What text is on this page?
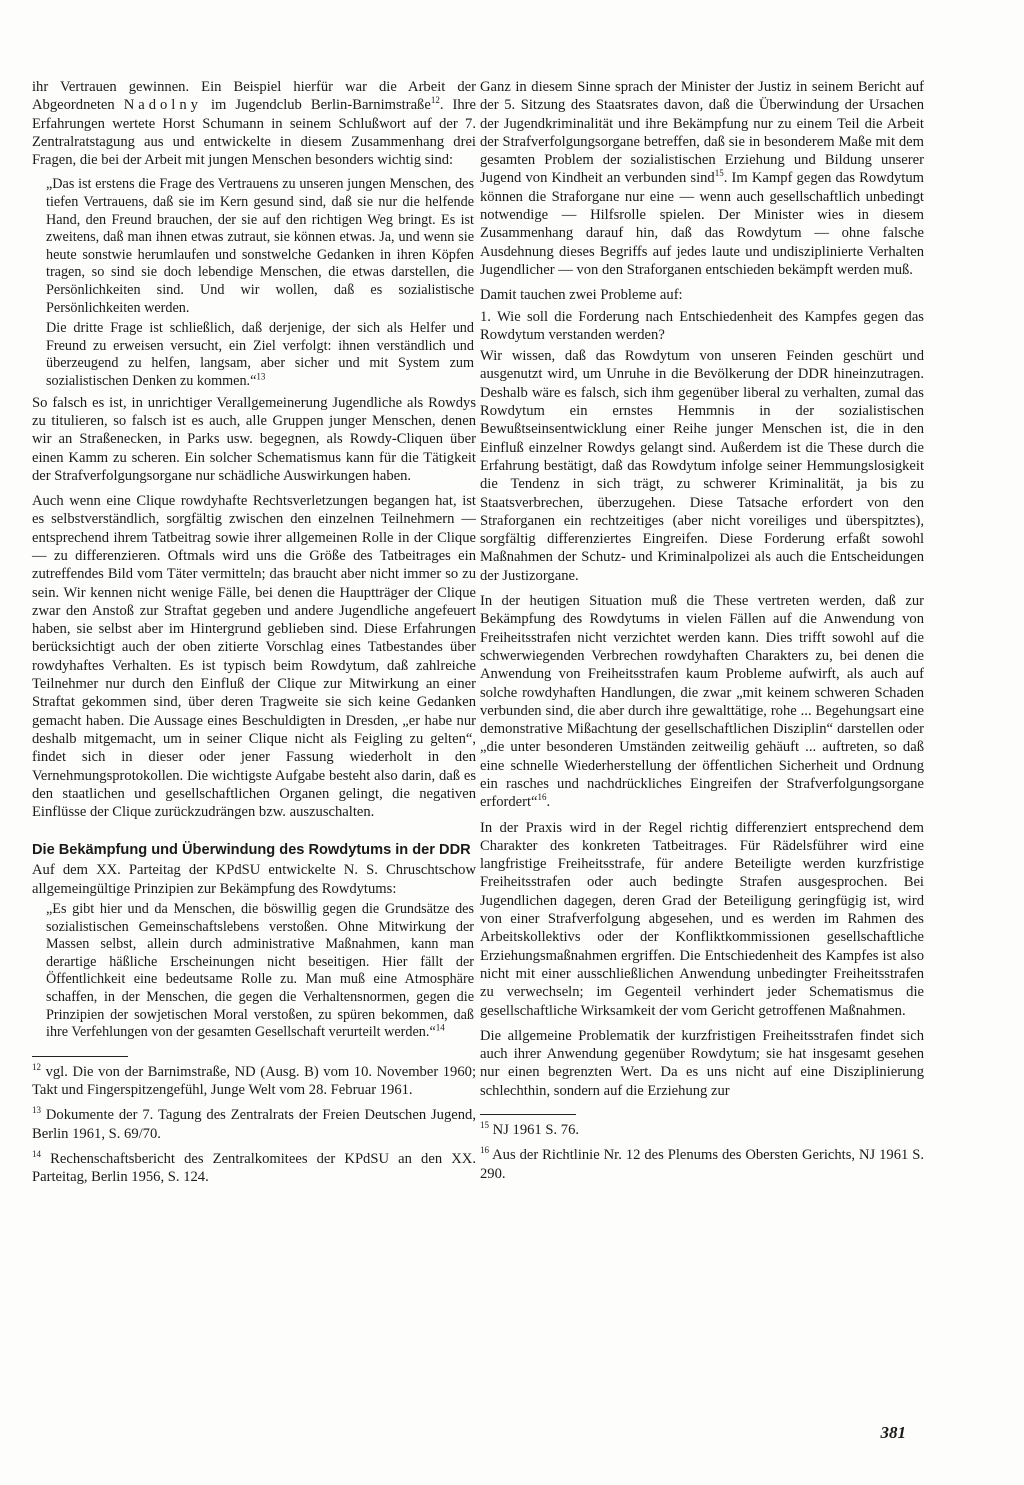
ihr Vertrauen gewinnen. Ein Beispiel hierfür war die Arbeit der Abgeordneten Nadolny im Jugendclub Berlin-Barnimstraße$^{12}$. Ihre Erfahrungen wertete Horst Schumann in seinem Schlußwort auf der 7. Zentralratstagung aus und entwickelte in diesem Zusammenhang drei Fragen, die bei der Arbeit mit jungen Menschen besonders wichtig sind:

„Das ist erstens die Frage des Vertrauens zu unseren jungen Menschen, des tiefen Vertrauens, daß sie im Kern gesund sind, daß sie nur die helfende Hand, den Freund brauchen, der sie auf den richtigen Weg bringt. Es ist zweitens, daß man ihnen etwas zutraut, sie können etwas. Ja, und wenn sie heute sonstwie herumlaufen und sonstwelche Gedanken in ihren Köpfen tragen, so sind sie doch lebendige Menschen, die etwas darstellen, die Persönlichkeiten sind. Und wir wollen, daß es sozialistische Persönlichkeiten werden.

Die dritte Frage ist schließlich, daß derjenige, der sich als Helfer und Freund zu erweisen versucht, ein Ziel verfolgt: ihnen verständlich und überzeugend zu helfen, langsam, aber sicher und mit System zum sozialistischen Denken zu kommen.“$^{13}$

So falsch es ist, in unrichtiger Verallgemeinerung Jugendliche als Rowdys zu titulieren, so falsch ist es auch, alle Gruppen junger Menschen, denen wir an Straßenecken, in Parks usw. begegnen, als Rowdy-Cliquen über einen Kamm zu scheren. Ein solcher Schematismus kann für die Tätigkeit der Strafverfolgungsorgane nur schädliche Auswirkungen haben.

Auch wenn eine Clique rowdyhafte Rechtsverletzungen begangen hat, ist es selbstverständlich, sorgfältig zwischen den einzelnen Teilnehmern — entsprechend ihrem Tatbeitrag sowie ihrer allgemeinen Rolle in der Clique — zu differenzieren. Oftmals wird uns die Größe des Tatbeitrages ein zutreffendes Bild vom Täter vermitteln; das braucht aber nicht immer so zu sein. Wir kennen nicht wenige Fälle, bei denen die Hauptträger der Clique zwar den Anstoß zur Straftat gegeben und andere Jugendliche angefeuert haben, sie selbst aber im Hintergrund geblieben sind. Diese Erfahrungen berücksichtigt auch der oben zitierte Vorschlag eines Tatbestandes über rowdyhaftes Verhalten. Es ist typisch beim Rowdytum, daß zahlreiche Teilnehmer nur durch den Einfluß der Clique zur Mitwirkung an einer Straftat gekommen sind, über deren Tragweite sie sich keine Gedanken gemacht haben. Die Aussage eines Beschuldigten in Dresden, „er habe nur deshalb mitgemacht, um in seiner Clique nicht als Feigling zu gelten“, findet sich in dieser oder jener Fassung wiederholt in den Vernehmungsprotokollen. Die wichtigste Aufgabe besteht also darin, daß es den staatlichen und gesellschaftlichen Organen gelingt, die negativen Einflüsse der Clique zurückzudrängen bzw. auszuschalten.

Die Bekämpfung und Überwindung des Rowdytums in der DDR

Auf dem XX. Parteitag der KPdSU entwickelte N. S. Chruschtschow allgemeingültige Prinzipien zur Bekämpfung des Rowdytums:

„Es gibt hier und da Menschen, die böswillig gegen die Grundsätze des sozialistischen Gemeinschaftslebens verstoßen. Ohne Mitwirkung der Massen selbst, allein durch administrative Maßnahmen, kann man derartige häßliche Erscheinungen nicht beseitigen. Hier fällt der Öffentlichkeit eine bedeutsame Rolle zu. Man muß eine Atmosphäre schaffen, in der Menschen, die gegen die Verhaltensnormen, gegen die Prinzipien der sowjetischen Moral verstoßen, zu spüren bekommen, daß ihre Verfehlungen von der gesamten Gesellschaft verurteilt werden.“$^{14}$

$^{12}$ vgl. Die von der Barnimstraße, ND (Ausg. B) vom 10. November 1960; Takt und Fingerspitzengefühl, Junge Welt vom 28. Februar 1961.

$^{13}$ Dokumente der 7. Tagung des Zentralrats der Freien Deutschen Jugend, Berlin 1961, S. 69/70.

$^{14}$ Rechenschaftsbericht des Zentralkomitees der KPdSU an den XX. Parteitag, Berlin 1956, S. 124.

Ganz in diesem Sinne sprach der Minister der Justiz in seinem Bericht auf der 5. Sitzung des Staatsrates davon, daß die Überwindung der Ursachen der Jugendkriminalität und ihre Bekämpfung nur zu einem Teil die Arbeit der Strafverfolgungsorgane betreffen, daß sie in besonderem Maße mit dem gesamten Problem der sozialistischen Erziehung und Bildung unserer Jugend von Kindheit an verbunden sind$^{15}$. Im Kampf gegen das Rowdytum können die Straforgane nur eine — wenn auch gesellschaftlich unbedingt notwendige — Hilfsrolle spielen. Der Minister wies in diesem Zusammenhang darauf hin, daß das Rowdytum — ohne falsche Ausdehnung dieses Begriffs auf jedes laute und undisziplinierte Verhalten Jugendlicher — von den Straforganen entschieden bekämpft werden muß.

Damit tauchen zwei Probleme auf:

1. Wie soll die Forderung nach Entschiedenheit des Kampfes gegen das Rowdytum verstanden werden?

Wir wissen, daß das Rowdytum von unseren Feinden geschürt und ausgenutzt wird, um Unruhe in die Bevölkerung der DDR hineinzutragen. Deshalb wäre es falsch, sich ihm gegenüber liberal zu verhalten, zumal das Rowdytum ein ernstes Hemmnis in der sozialistischen Bewußtseinsentwicklung einer Reihe junger Menschen ist, die in den Einfluß einzelner Rowdys gelangt sind. Außerdem ist die These durch die Erfahrung bestätigt, daß das Rowdytum infolge seiner Hemmungslosigkeit die Tendenz in sich trägt, zu schwerer Kriminalität, ja bis zu Staatsverbrechen, überzugehen. Diese Tatsache erfordert von den Straforganen ein rechtzeitiges (aber nicht voreiliges und überspitztes), sorgfältig differenziertes Eingreifen. Diese Forderung erfaßt sowohl Maßnahmen der Schutz- und Kriminalpolizei als auch die Entscheidungen der Justizorgane.

In der heutigen Situation muß die These vertreten werden, daß zur Bekämpfung des Rowdytums in vielen Fällen auf die Anwendung von Freiheitsstrafen nicht verzichtet werden kann. Dies trifft sowohl auf die schwerwiegenden Verbrechen rowdyhaften Charakters zu, bei denen die Anwendung von Freiheitsstrafen kaum Probleme aufwirft, als auch auf solche rowdyhaften Handlungen, die zwar „mit keinem schweren Schaden verbunden sind, die aber durch ihre gewalttätige, rohe ... Begehungsart eine demonstrative Mißachtung der gesellschaftlichen Disziplin“ darstellen oder „die unter besonderen Umständen zeitweilig gehäuft ... auftreten, so daß eine schnelle Wiederherstellung der öffentlichen Sicherheit und Ordnung ein rasches und nachdrückliches Eingreifen der Strafverfolgungsorgane erfordert“$^{16}$.

In der Praxis wird in der Regel richtig differenziert entsprechend dem Charakter des konkreten Tatbeitrages. Für Rädelsführer wird eine langfristige Freiheitsstrafe, für andere Beteiligte werden kurzfristige Freiheitsstrafen oder auch bedingte Strafen ausgesprochen. Bei Jugendlichen dagegen, deren Grad der Beteiligung geringfügig ist, wird von einer Strafverfolgung abgesehen, und es werden im Rahmen des Arbeitskollektivs oder der Konfliktkommissionen gesellschaftliche Erziehungsmaßnahmen ergriffen. Die Entschiedenheit des Kampfes ist also nicht mit einer ausschließlichen Anwendung unbedingter Freiheitsstrafen zu verwechseln; im Gegenteil verhindert jeder Schematismus die gesellschaftliche Wirksamkeit der vom Gericht getroffenen Maßnahmen.

Die allgemeine Problematik der kurzfristigen Freiheitsstrafen findet sich auch ihrer Anwendung gegenüber Rowdytum; sie hat insgesamt gesehen nur einen begrenzten Wert. Da es uns nicht auf eine Disziplinierung schlechthin, sondern auf die Erziehung zur

$^{15}$ NJ 1961 S. 76.

$^{16}$ Aus der Richtlinie Nr. 12 des Plenums des Obersten Gerichts, NJ 1961 S. 290.

381
